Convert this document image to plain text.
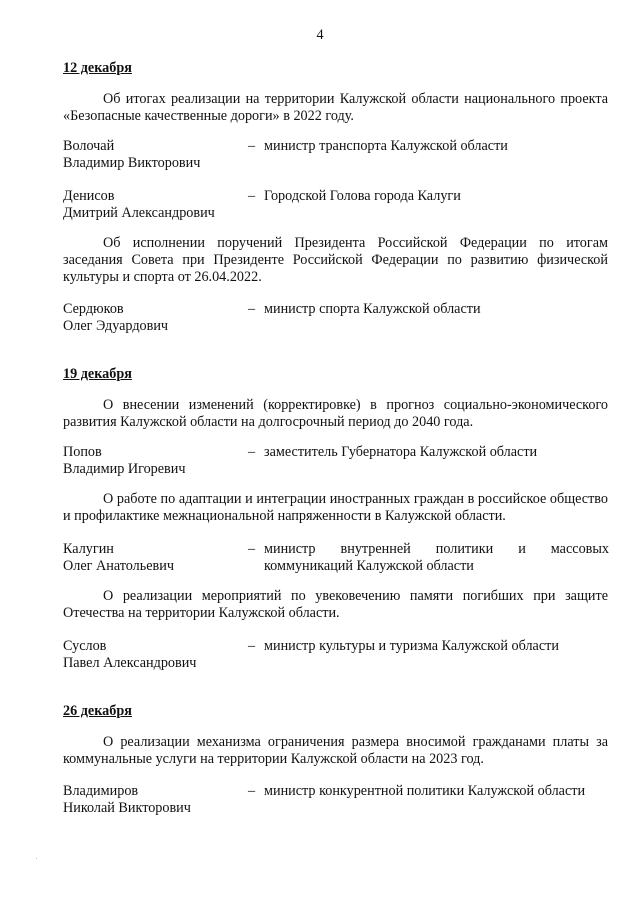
4
12 декабря
Об итогах реализации на территории Калужской области национального проекта «Безопасные качественные дороги» в 2022 году.
Волочай
Владимир Викторович
– министр транспорта Калужской области
Денисов
Дмитрий Александрович
– Городской Голова города Калуги
Об исполнении поручений Президента Российской Федерации по итогам заседания Совета при Президенте Российской Федерации по развитию физической культуры и спорта от 26.04.2022.
Сердюков
Олег Эдуардович
– министр спорта Калужской области
19 декабря
О внесении изменений (корректировке) в прогноз социально-экономического развития Калужской области на долгосрочный период до 2040 года.
Попов
Владимир Игоревич
– заместитель Губернатора Калужской области
О работе по адаптации и интеграции иностранных граждан в российское общество и профилактике межнациональной напряженности в Калужской области.
Калугин
Олег Анатольевич
– министр внутренней политики и массовых коммуникаций Калужской области
О реализации мероприятий по увековечению памяти погибших при защите Отечества на территории Калужской области.
Суслов
Павел Александрович
– министр культуры и туризма Калужской области
26 декабря
О реализации механизма ограничения размера вносимой гражданами платы за коммунальные услуги на территории Калужской области на 2023 год.
Владимиров
Николай Викторович
– министр конкурентной политики Калужской области
